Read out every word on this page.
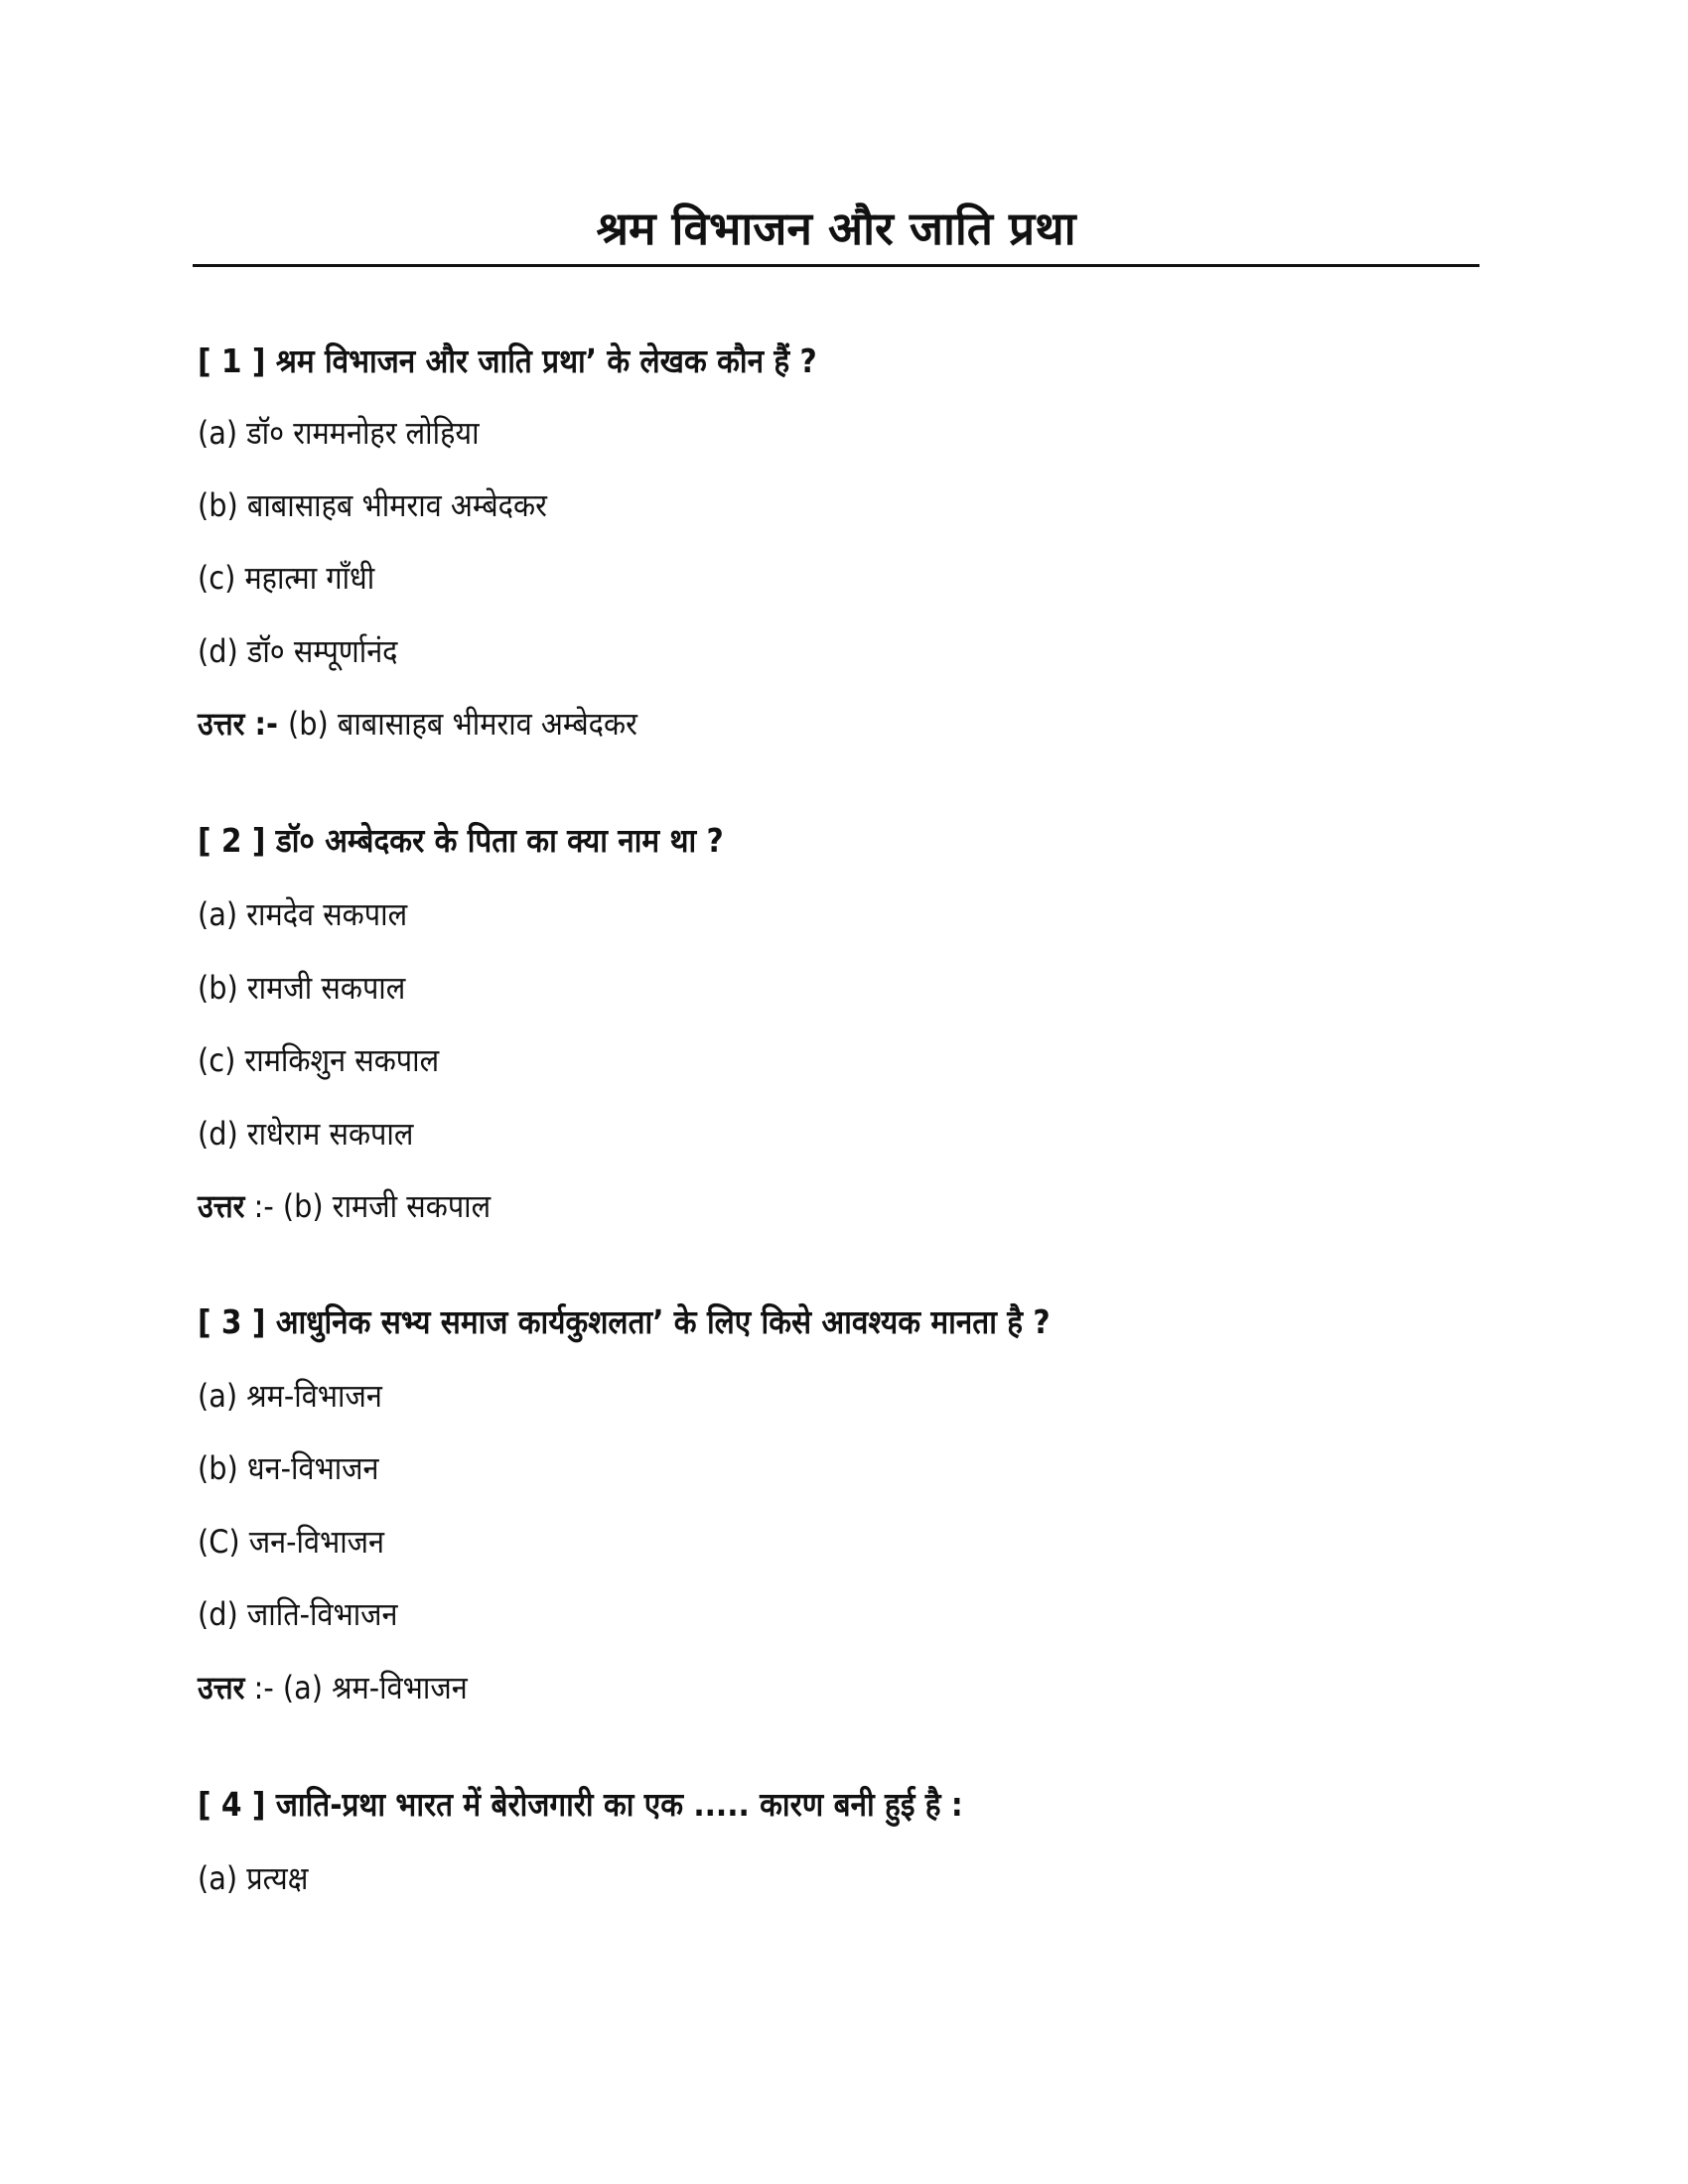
श्रम विभाजन और जाति प्रथा
[ 1 ] श्रम विभाजन और जाति प्रथा’ के लेखक कौन हैं ?
(a) डॉ० राममनोहर लोहिया
(b) बाबासाहब भीमराव अम्बेदकर
(c) महात्मा गाँधी
(d) डॉ० सम्पूर्णानंद
उत्तर :- (b) बाबासाहब भीमराव अम्बेदकर
[ 2 ] डॉ० अम्बेदकर के पिता का क्या नाम था ?
(a) रामदेव सकपाल
(b) रामजी सकपाल
(c) रामकिशुन सकपाल
(d) राधेराम सकपाल
उत्तर :- (b) रामजी सकपाल
[ 3 ] आधुनिक सभ्य समाज कार्यकुशलता’ के लिए किसे आवश्यक मानता है ?
(a) श्रम-विभाजन
(b) धन-विभाजन
(C) जन-विभाजन
(d) जाति-विभाजन
उत्तर :- (a) श्रम-विभाजन
[ 4 ] जाति-प्रथा भारत में बेरोजगारी का एक ..... कारण बनी हुई है :
(a) प्रत्यक्ष
